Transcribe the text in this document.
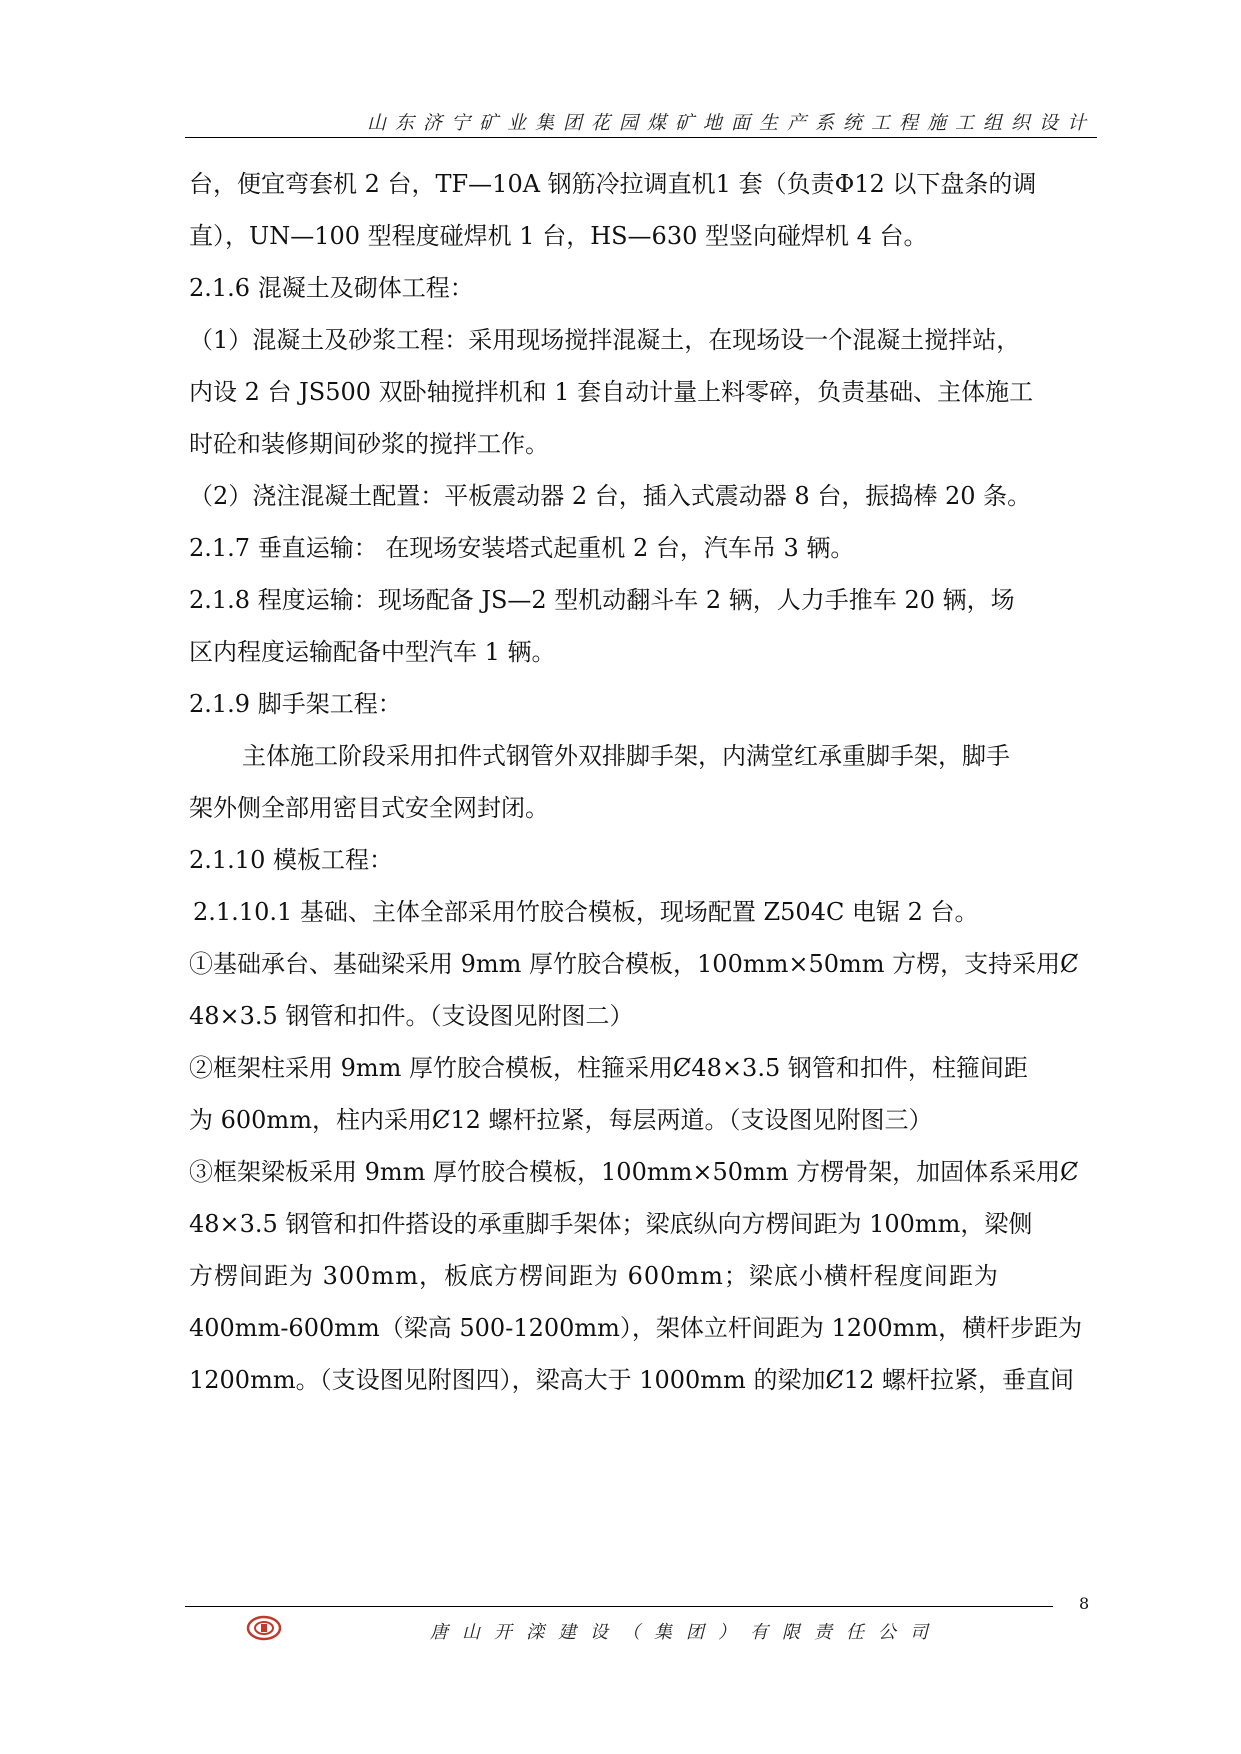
山东济宁矿业集团花园煤矿地面生产系统工程施工组织设计
台，便宜弯套机 2 台，TF—10A 钢筋冷拉调直机1 套（负责Φ12 以下盘条的调
直），UN—100 型程度碰焊机 1 台，HS—630 型竖向碰焊机 4 台。
2.1.6 混凝土及砌体工程：
（1）混凝土及砂浆工程：采用现场搅拌混凝土，在现场设一个混凝土搅拌站，
内设 2 台 JS500 双卧轴搅拌机和 1 套自动计量上料零碎，负责基础、主体施工
时砼和装修期间砂浆的搅拌工作。
（2）浇注混凝土配置：平板震动器 2 台，插入式震动器 8 台，振捣棒 20 条。
2.1.7 垂直运输： 在现场安装塔式起重机 2 台，汽车吊 3 辆。
2.1.8 程度运输：现场配备 JS—2 型机动翻斗车 2 辆，人力手推车 20 辆，场
区内程度运输配备中型汽车 1 辆。
2.1.9 脚手架工程：
主体施工阶段采用扣件式钢管外双排脚手架，内满堂红承重脚手架，脚手
架外侧全部用密目式安全网封闭。
2.1.10 模板工程：
2.1.10.1 基础、主体全部采用竹胶合模板，现场配置 Z504C 电锯 2 台。
①基础承台、基础梁采用 9mm 厚竹胶合模板，100mm×50mm 方楞，支持采用Ȼ
48×3.5 钢管和扣件。（支设图见附图二）
②框架柱采用 9mm 厚竹胶合模板，柱箍采用Ȼ48×3.5 钢管和扣件，柱箍间距
为 600mm，柱内采用Ȼ12 螺杆拉紧，每层两道。（支设图见附图三）
③框架梁板采用 9mm 厚竹胶合模板，100mm×50mm 方楞骨架，加固体系采用Ȼ
48×3.5 钢管和扣件搭设的承重脚手架体；梁底纵向方楞间距为 100mm，梁侧
方楞间距为 300mm，板底方楞间距为 600mm；梁底小横杆程度间距为
400mm-600mm（梁高 500-1200mm），架体立杆间距为 1200mm，横杆步距为
1200mm。（支设图见附图四），梁高大于 1000mm 的梁加Ȼ12 螺杆拉紧，垂直间
8
唐山开滦建设（集团）有限责任公司
